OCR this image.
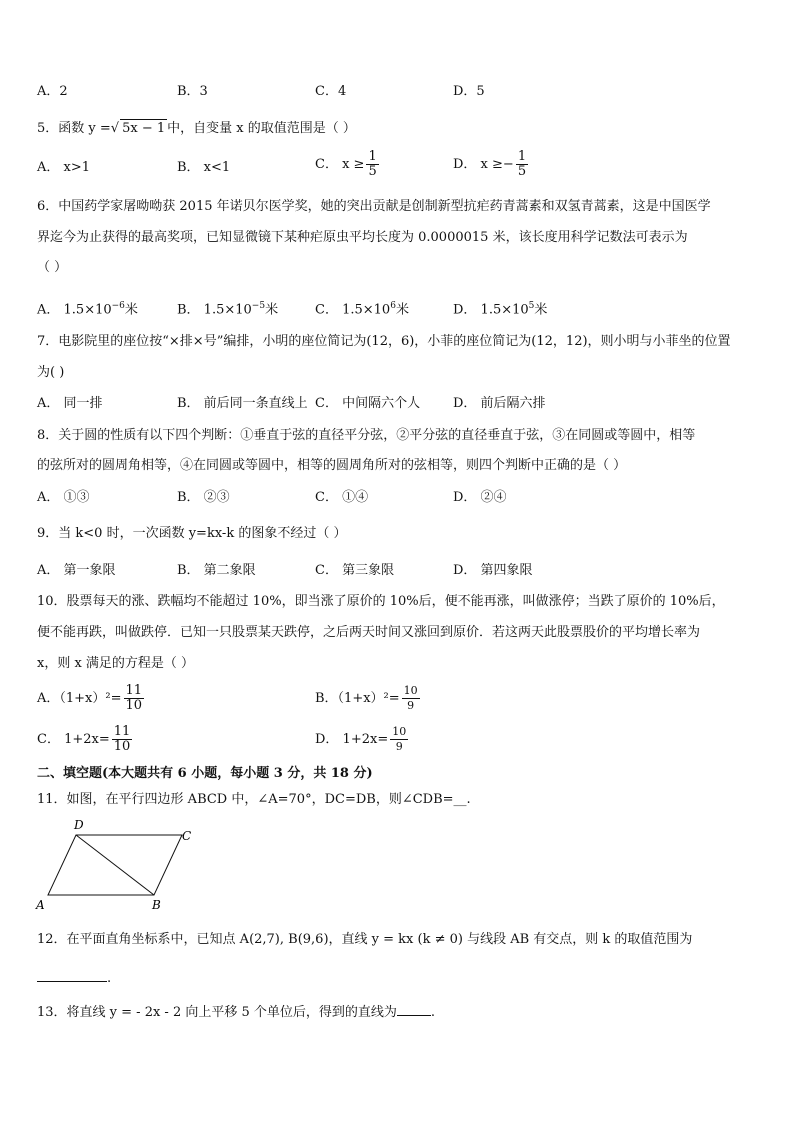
A．2	B．3	C．4	D．5
5．函数 y =√ 5x − 1 中，自变量 x 的取值范围是（ ）
A． x>1	B． x<1	C． $x \ge \frac{1}{5}$	D． $x \ge- \frac{1}{5}$
6．中国药学家屠呦呦获 2015 年诺贝尔医学奖，她的突出贡献是创制新型抗疟药青蒿素和双氢青蒿素，这是中国医学
界迄今为止获得的最高奖项，已知显微镜下某种疟原虫平均长度为 0.0000015 米，该长度用科学记数法可表示为
（ ）
A． $1.5\times 10^{-6}$米	B． $1.5\times 10^{-5}$米	C． $1.5\times 10^6$米	D． $1.5\times 10^5$米
7．电影院里的座位按“×排×号”编排，小明的座位简记为(12，6)，小菲的座位简记为(12，12)，则小明与小菲坐的位置
为( )
A． 同一排	B． 前后同一条直线上 C． 中间隔六个人	D． 前后隔六排
8．关于圆的性质有以下四个判断：①垂直于弦的直径平分弦，②平分弦的直径垂直于弦，③在同圆或等圆中，相等
的弦所对的圆周角相等，④在同圆或等圆中，相等的圆周角所对的弦相等，则四个判断中正确的是（ ）
A． ①③	B． ②③	C． ①④	D． ②④
9．当 k<0 时，一次函数 y=kx-k 的图象不经过（ ）
A． 第一象限	B． 第二象限	C． 第三象限	D． 第四象限
10．股票每天的涨、跌幅均不能超过 10%，即当涨了原价的 10%后，便不能再涨，叫做涨停；当跌了原价的 10%后，
便不能再跌，叫做跌停．已知一只股票某天跌停，之后两天时间又涨回到原价．若这两天此股票股价的平均增长率为
x，则 x 满足的方程是（ ）
A．$(1+x)^2= \frac{11}{10}$	B．$(1+x)^2= \frac{10}{9}$
C． $1+2x= \frac{11}{10}$	D． $1+2x= \frac{10}{9}$
二、填空题(本大题共有 6 小题，每小题 3 分，共 18 分)
11．如图，在平行四边形 ABCD 中，∠A=70°，DC=DB，则∠CDB=__.
A	B
C
D
12．在平面直角坐标系中，已知点 A(2,7), B(9,6)，直线 y = kx (k ≠ 0) 与线段 AB 有交点，则 k 的取值范围为
.
13．将直线 y = - 2x - 2 向上平移 5 个单位后，得到的直线为	.
